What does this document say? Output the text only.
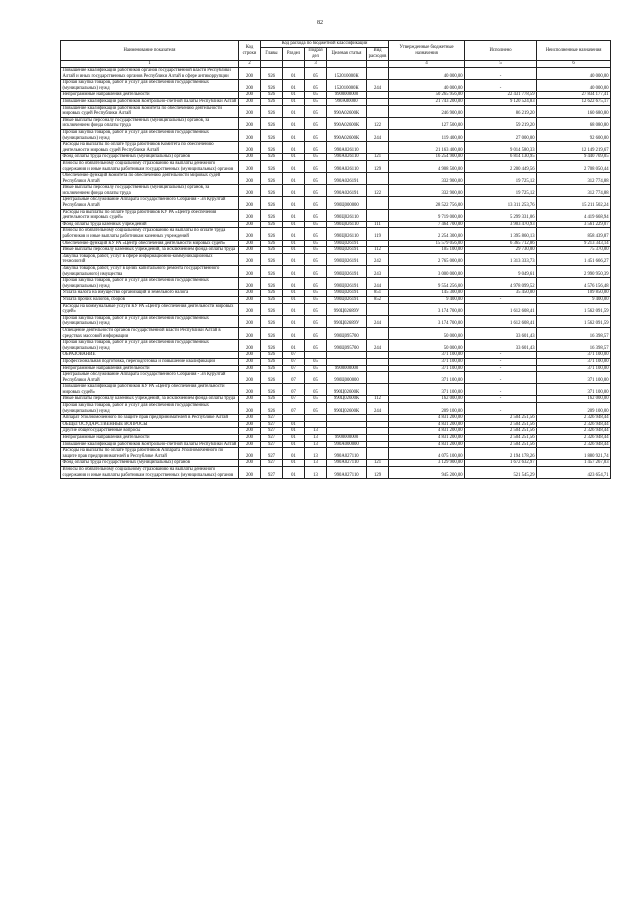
82
Наименование показателя	Код строки	Код расхода по бюджетной классификации					Утвержденные бюджетные назначения	Исполнено	Неисполненные назначения
		Главы	Раздел	Подраз дел	Целевая статья	Вид расходов			
1	2			3			4	5	6
Повышение квалификации работников органов государственной власти Республики Алтай и иных государственных органов Республики Алтай в сфере антикоррупции	200	926	01	05	152010000К		40 000,00	-	40 000,00
Прочая закупка товаров, работ и услуг для обеспечения государственных (муниципальных) нужд	200	926	01	05	152010000К	244	40 000,00	-	40 000,00
Непрограммные направления деятельности	200	926	01	05	9900000000		50 265 956,00	22 431 778,59	27 834 177,41
Повышение квалификации работников Контрольно-счетной палаты Республики Алтай	200	926	01	05	990А00000		21 743 200,00	9 120 524,83	12 622 675,17
Повышение квалификации работников Комитета по обеспечению деятельности мировых судей Республики Алтай	200	926	01	05	990А02600К		246 900,00	86 219,20	160 680,80
Иные выплаты персоналу государственных (муниципальных) органов, за исключением фонда оплаты труда	200	926	01	05	990А02600К	122	127 500,00	59 219,20	68 080,80
Прочая закупка товаров, работ и услуг для обеспечения государственных (муниципальных) нужд	200	926	01	05	990А02600К	244	119 400,00	27 000,00	92 600,00
Расходы на выплаты по оплате труда работников Комитета по обеспечению деятельности мировых судей Республики Алтай	200	926	01	05	990А026110		21 163 400,00	9 014 580,33	12 149 219,67
Фонд оплаты труда государственных (муниципальных) органов	200	926	01	05	990А026110	121	16 254 900,00	6 814 130,95	9 440 769,05
Взносы по обязательному социальному страхованию на выплаты денежного содержания и иные выплаты работникам государственных (муниципальных) органов	200	926	01	05	990А026110	129	4 908 500,00	2 200 449,56	2 708 050,44
Обеспечение функций Комитета по обеспечению деятельности мировых судей Республики Алтай	200	926	01	05	990А026191		332 900,00	19 725,12	312 774,88
Иные выплаты персоналу государственных (муниципальных) органов, за исключением фонда оплаты труда	200	926	01	05	990А026191	122	332 900,00	19 725,12	312 774,88
Центральные обслуживание Аппарата Государственного Собрания - Эл Курултай Республики Алтай	200	926	01	05	990Ц000000		28 522 756,00	13 311 253,76	15 211 502,24
Расходы на выплаты по оплате труда работников КУ РА «Центр обеспечения деятельности мировых судей»	200	926	01	05	990Ц026110		9 719 000,00	5 299 331,06	4 419 668,94
Фонд оплаты труда казенных учреждений	200	926	01	05	990Ц026110	111	7 464 700,00	3 903 470,93	3 561 229,07
Взносы по обязательному социальному страхованию на выплаты по оплате труда работников и иные выплаты работникам казенных учреждений	200	926	01	05	990Ц026110	119	2 254 300,00	1 395 860,13	858 439,87
Обеспечение функций КУ РА «Центр обеспечения деятельности мировых судей»	200	926	01	05	990Ц026191		15 579 056,00	6 365 712,86	9 213 343,14
Иные выплаты персоналу казенных учреждений, за исключением фонда оплаты труда	200	926	01	05	990Ц026191	112	105 100,00	29 730,00	75 370,00
Закупка товаров, работ, услуг в сфере информационно-коммуникационных технологий	200	926	01	05	990Ц026191	242	2 765 000,00	1 313 333,73	1 451 666,27
Закупка товаров, работ, услуг в целях капитального ремонта государственного (муниципального) имущества	200	926	01	05	990Ц026191	243	3 000 000,00	9 049,61	2 990 950,39
Прочая закупка товаров, работ и услуг для обеспечения государственных (муниципальных) нужд	200	926	01	05	990Ц026191	244	9 554 256,00	4 978 099,52	4 576 156,48
Уплата налога на имущество организаций и земельного налога	200	926	01	05	990Ц026191	851	145 300,00	35 450,00	109 850,00
Уплата прочих налогов, сборов	200	926	01	05	990Ц026191	852	9 400,00	-	9 400,00
Расходы на коммунальные услуги КУ РА «Центр обеспечения деятельности мировых судей»	200	926	01	05	990Ц02689У		3 174 700,00	1 612 608,41	1 562 091,59
Прочая закупка товаров, работ и услуг для обеспечения государственных (муниципальных) нужд	200	926	01	05	990Ц02689У	244	3 174 700,00	1 612 608,41	1 562 091,59
Освещение деятельности органов государственной власти Республики Алтай в средствах массовой информации	200	926	01	05	990Ц095700		50 000,00	33 601,43	16 398,57
Прочая закупка товаров, работ и услуг для обеспечения государственных (муниципальных) нужд	200	926	01	05	990Ц095700	244	50 000,00	33 601,43	16 398,57
ОБРАЗОВАНИЕ	200	926	07				371 100,00	-	371 100,00
Профессиональная подготовка, переподготовка и повышение квалификации	200	926	07	05			371 100,00	-	371 100,00
Непрограммные направления деятельности	200	926	07	05	9900000000		371 100,00	-	371 100,00
Центральные обслуживание Аппарата Государственного Собрания - Эл Курултай Республики Алтай	200	926	07	05	990Ц000000		371 100,00	-	371 100,00
Повышение квалификации работников КУ РА «Центр обеспечения деятельности мировых судей»	200	926	07	05	990Ц02600К		371 100,00	-	371 100,00
Иные выплаты персоналу казенных учреждений, за исключением фонда оплаты труда	200	926	07	05	990Ц02600К	112	162 000,00	-	162 000,00
Прочая закупка товаров, работ и услуг для обеспечения государственных (муниципальных) нужд	200	926	07	05	990Ц02600К	244	209 100,00	-	209 100,00
Аппарат Уполномоченного по защите прав предпринимателей в Республике Алтай	200	927					4 831 200,00	2 504 251,56	2 326 948,44
ОБЩЕГОСУДАРСТВЕННЫЕ ВОПРОСЫ	200	927	01				4 831 200,00	2 504 251,56	2 326 948,44
Другие общегосударственные вопросы	200	927	01	13			4 831 200,00	2 504 251,56	2 326 948,44
Непрограммные направления деятельности	200	927	01	13	9900000000		4 831 200,00	2 504 251,56	2 326 948,44
Повышение квалификации работников Контрольно-счетной палаты Республики Алтай	200	927	01	13	990А000000		4 831 200,00	2 504 251,56	2 326 948,44
Расходы на выплаты по оплате труда работников Аппарата Уполномоченного по защите прав предпринимателей в Республике Алтай	200	927	01	13	990А027110		4 075 100,00	2 194 178,26	1 880 921,74
Фонд оплаты труда государственных (муниципальных) органов	200	927	01	13	990А027110	121	3 129 900,00	1 672 632,97	1 457 267,03
Взносы по обязательному социальному страхованию на выплаты денежного содержания и иные выплаты работникам государственных (муниципальных) органов	200	927	01	13	990А027110	129	945 200,00	521 545,29	423 654,71
